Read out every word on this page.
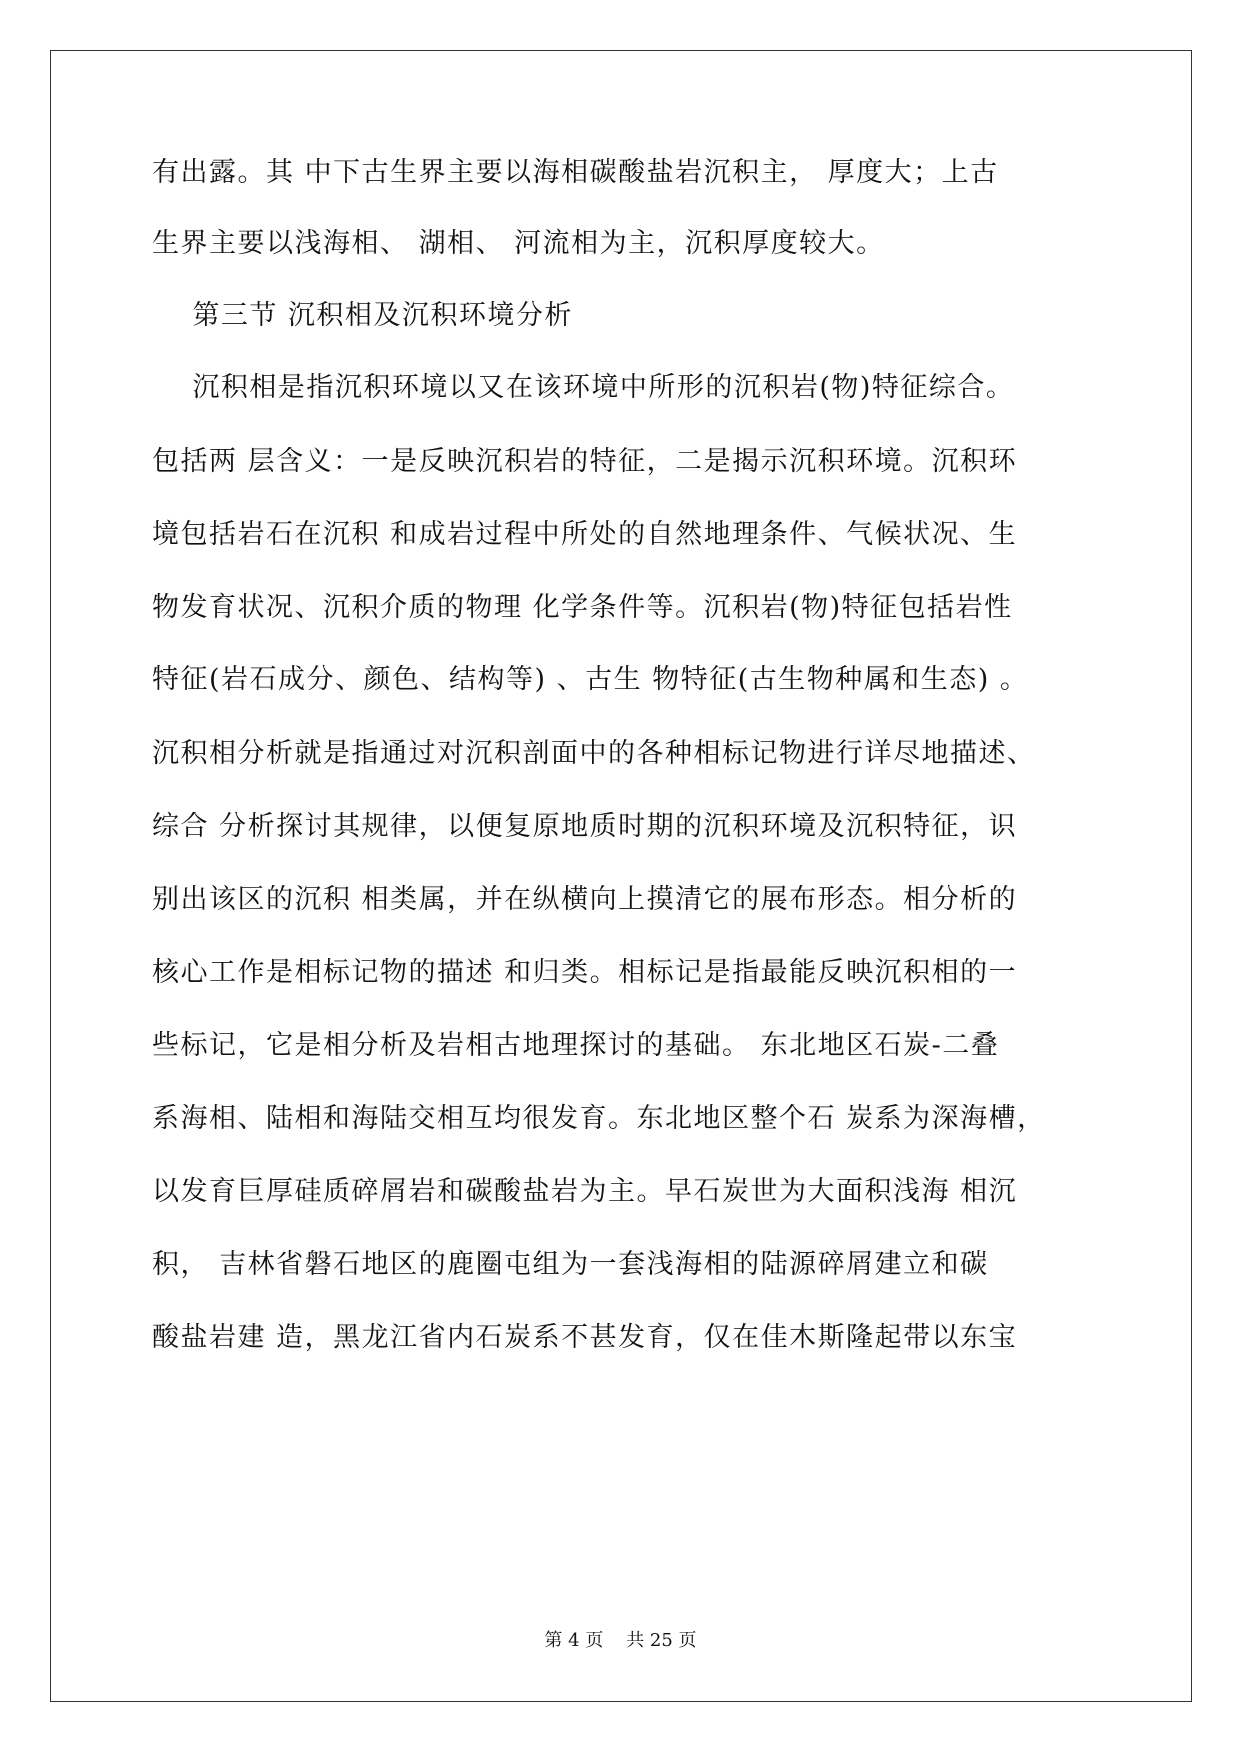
有出露。其 中下古生界主要以海相碳酸盐岩沉积主， 厚度大；上古

生界主要以浅海相、 湖相、 河流相为主，沉积厚度较大。

第三节 沉积相及沉积环境分析

沉积相是指沉积环境以又在该环境中所形的沉积岩(物)特征综合。

包括两 层含义：一是反映沉积岩的特征，二是揭示沉积环境。沉积环

境包括岩石在沉积 和成岩过程中所处的自然地理条件、气候状况、生

物发育状况、沉积介质的物理 化学条件等。沉积岩(物)特征包括岩性

特征(岩石成分、颜色、结构等) 、古生 物特征(古生物种属和生态) 。

沉积相分析就是指通过对沉积剖面中的各种相标记物进行详尽地描述、

综合 分析探讨其规律，以便复原地质时期的沉积环境及沉积特征，识

别出该区的沉积 相类属，并在纵横向上摸清它的展布形态。相分析的

核心工作是相标记物的描述 和归类。相标记是指最能反映沉积相的一

些标记，它是相分析及岩相古地理探讨的基础。 东北地区石炭-二叠

系海相、陆相和海陆交相互均很发育。东北地区整个石 炭系为深海槽，

以发育巨厚硅质碎屑岩和碳酸盐岩为主。早石炭世为大面积浅海 相沉

积， 吉林省磐石地区的鹿圈屯组为一套浅海相的陆源碎屑建立和碳

酸盐岩建 造，黑龙江省内石炭系不甚发育，仅在佳木斯隆起带以东宝

第 4 页    共 25 页
